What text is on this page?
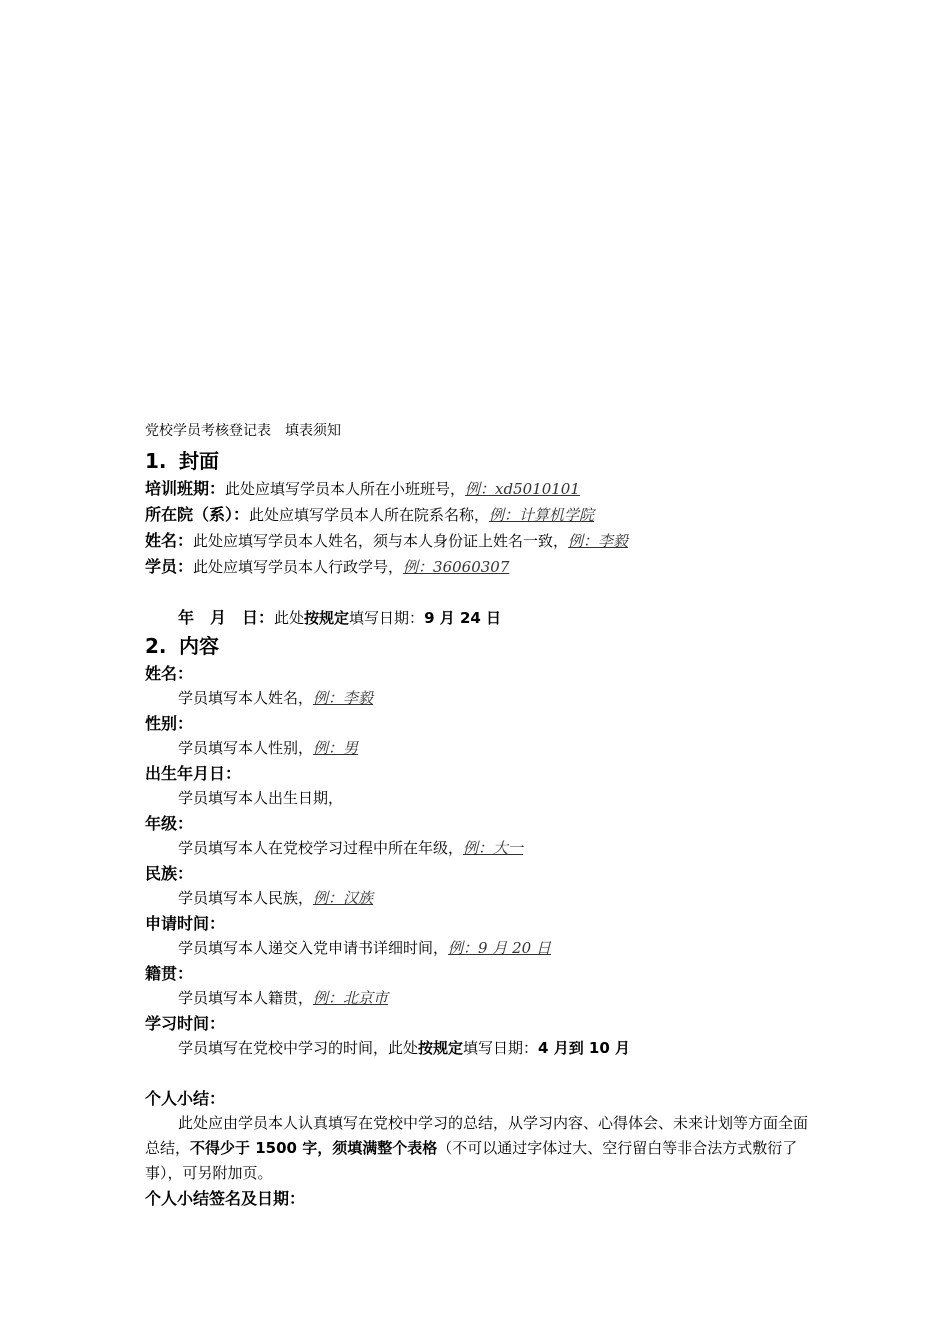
党校学员考核登记表　填表须知
1. 封面
培训班期：此处应填写学员本人所在小班班号，例：xd5010101
所在院（系）：此处应填写学员本人所在院系名称，例：计算机学院
姓名：此处应填写学员本人姓名，须与本人身份证上姓名一致，例：李毅
学员：此处应填写学员本人行政学号，例：36060307
年　月　日：此处按规定填写日期：9 月 24 日
2. 内容
姓名：
学员填写本人姓名，例：李毅
性别：
学员填写本人性别，例：男
出生年月日：
学员填写本人出生日期，
年级：
学员填写本人在党校学习过程中所在年级，例：大一
民族：
学员填写本人民族，例：汉族
申请时间：
学员填写本人递交入党申请书详细时间，例：9 月 20 日
籍贯：
学员填写本人籍贯，例：北京市
学习时间：
学员填写在党校中学习的时间，此处按规定填写日期：4 月到 10 月
个人小结：
此处应由学员本人认真填写在党校中学习的总结，从学习内容、心得体会、未来计划等方面全面总结，不得少于 1500 字，须填满整个表格（不可以通过字体过大、空行留白等非合法方式敷衍了事），可另附加页。
个人小结签名及日期：
